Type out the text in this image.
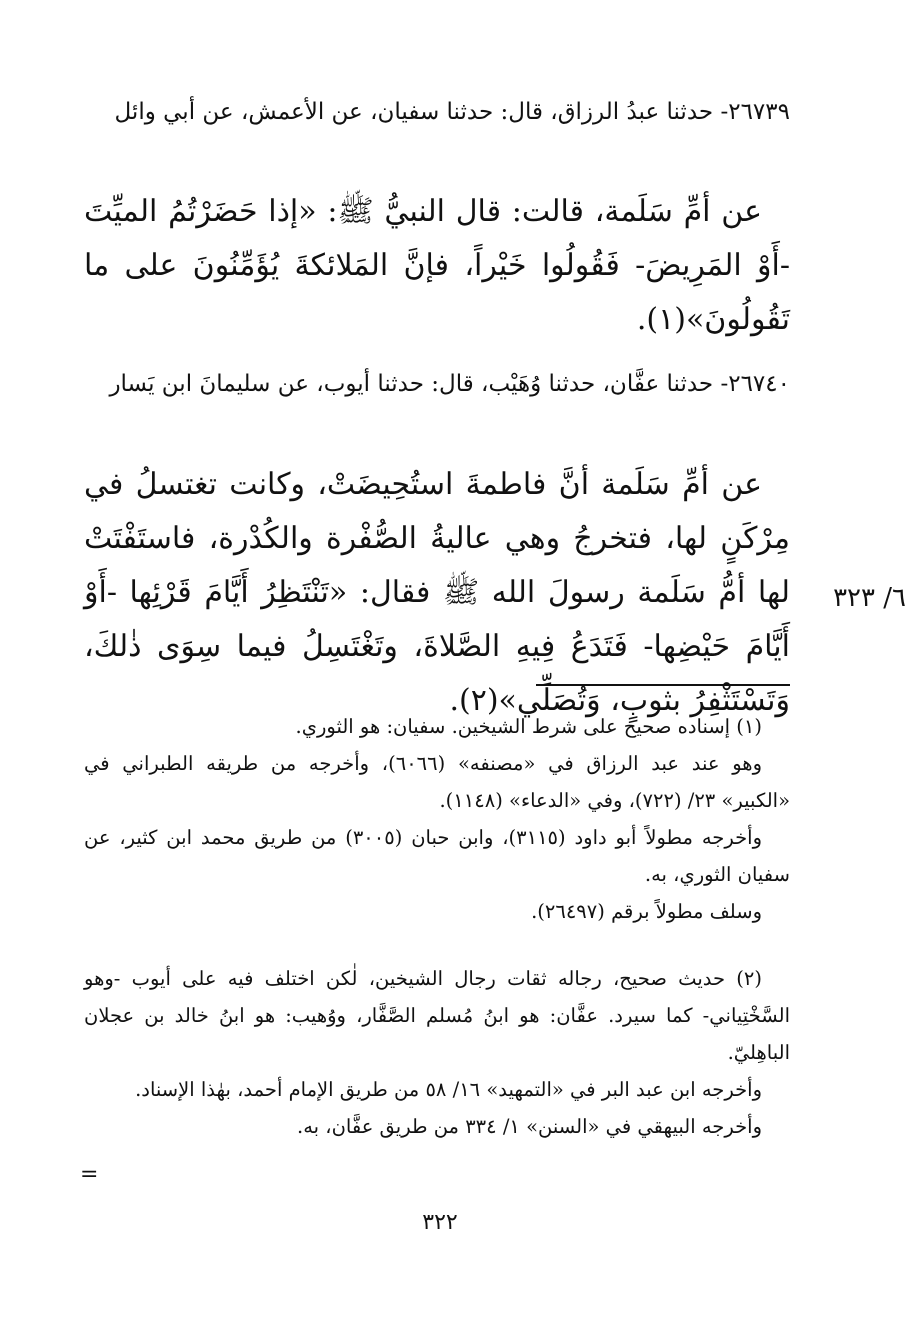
٢٦٧٣٩- حدثنا عبدُ الرزاق، قال: حدثنا سفيان، عن الأعمش، عن أبي وائل

عن أمِّ سَلَمة، قالت: قال النبيُّ ﷺ: «إذا حَضَرْتُمُ الميِّتَ -أَوْ المَرِيضَ- فَقُولُوا خَيْراً، فإنَّ المَلائكةَ يُؤَمِّنُونَ على ما تَقُولُونَ»(١).

٢٦٧٤٠- حدثنا عفَّان، حدثنا وُهَيْب، قال: حدثنا أيوب، عن سليمانَ ابن يَسار

عن أمِّ سَلَمة أنَّ فاطمةَ استُحِيضَتْ، وكانت تغتسلُ في مِرْكَنٍ لها، فتخرجُ وهي عاليةُ الصُّفْرة والكُدْرة، فاستَفْتَتْ لها أمُّ سَلَمة رسولَ الله ﷺ فقال: «تَنْتَظِرُ أَيَّامَ قَرْئِها -أَوْ أَيَّامَ حَيْضِها- فَتَدَعُ فِيهِ الصَّلاةَ، وتَغْتَسِلُ فيما سِوَى ذٰلكَ، وَتَسْتَثْفِرُ بثوبٍ، وَتُصَلِّي»(٢).

٦/ ٣٢٣

(١) إسناده صحيح على شرط الشيخين. سفيان: هو الثوري.

وهو عند عبد الرزاق في «مصنفه» (٦٠٦٦)، وأخرجه من طريقه الطبراني في «الكبير» ٢٣/ (٧٢٢)، وفي «الدعاء» (١١٤٨).

وأخرجه مطولاً أبو داود (٣١١٥)، وابن حبان (٣٠٠٥) من طريق محمد ابن كثير، عن سفيان الثوري، به.

وسلف مطولاً برقم (٢٦٤٩٧).

(٢) حديث صحيح، رجاله ثقات رجال الشيخين، لٰكن اختلف فيه على أيوب -وهو السَّخْتِياني- كما سيرد. عفَّان: هو ابنُ مُسلم الصَّفَّار، ووُهيب: هو ابنُ خالد بن عجلان الباهِليّ.

وأخرجه ابن عبد البر في «التمهيد» ١٦/ ٥٨ من طريق الإمام أحمد، بهٰذا الإسناد.

وأخرجه البيهقي في «السنن» ١/ ٣٣٤ من طريق عفَّان، به.

=
٣٢٢
